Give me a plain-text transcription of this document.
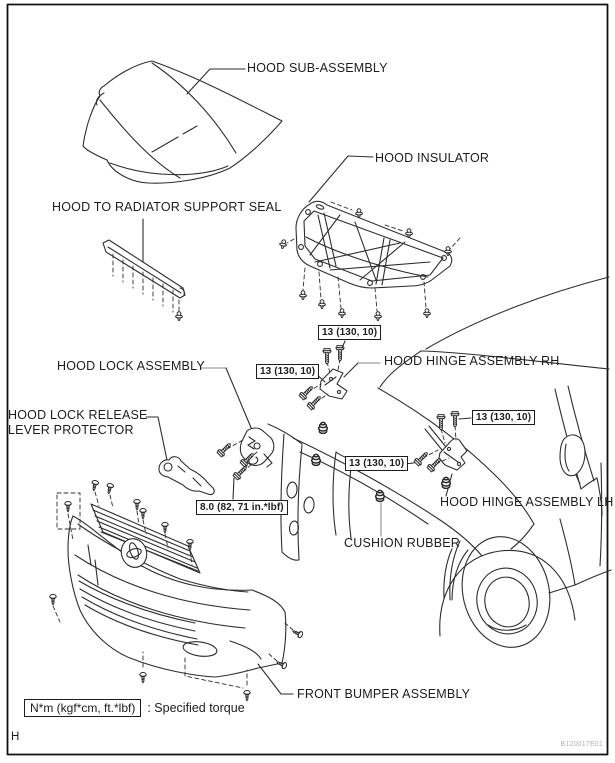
HOOD SUB-ASSEMBLY
HOOD INSULATOR
HOOD TO RADIATOR SUPPORT SEAL
HOOD LOCK ASSEMBLY
HOOD LOCK RELEASE
LEVER PROTECTOR
HOOD HINGE ASSEMBLY RH
HOOD HINGE ASSEMBLY LH
CUSHION RUBBER
FRONT BUMPER ASSEMBLY
13 (130, 10)
13 (130, 10)
13 (130, 10)
13 (130, 10)
8.0 (82, 71 in.*lbf)
N*m (kgf*cm, ft.*lbf) : Specified torque
H
B120017E01
